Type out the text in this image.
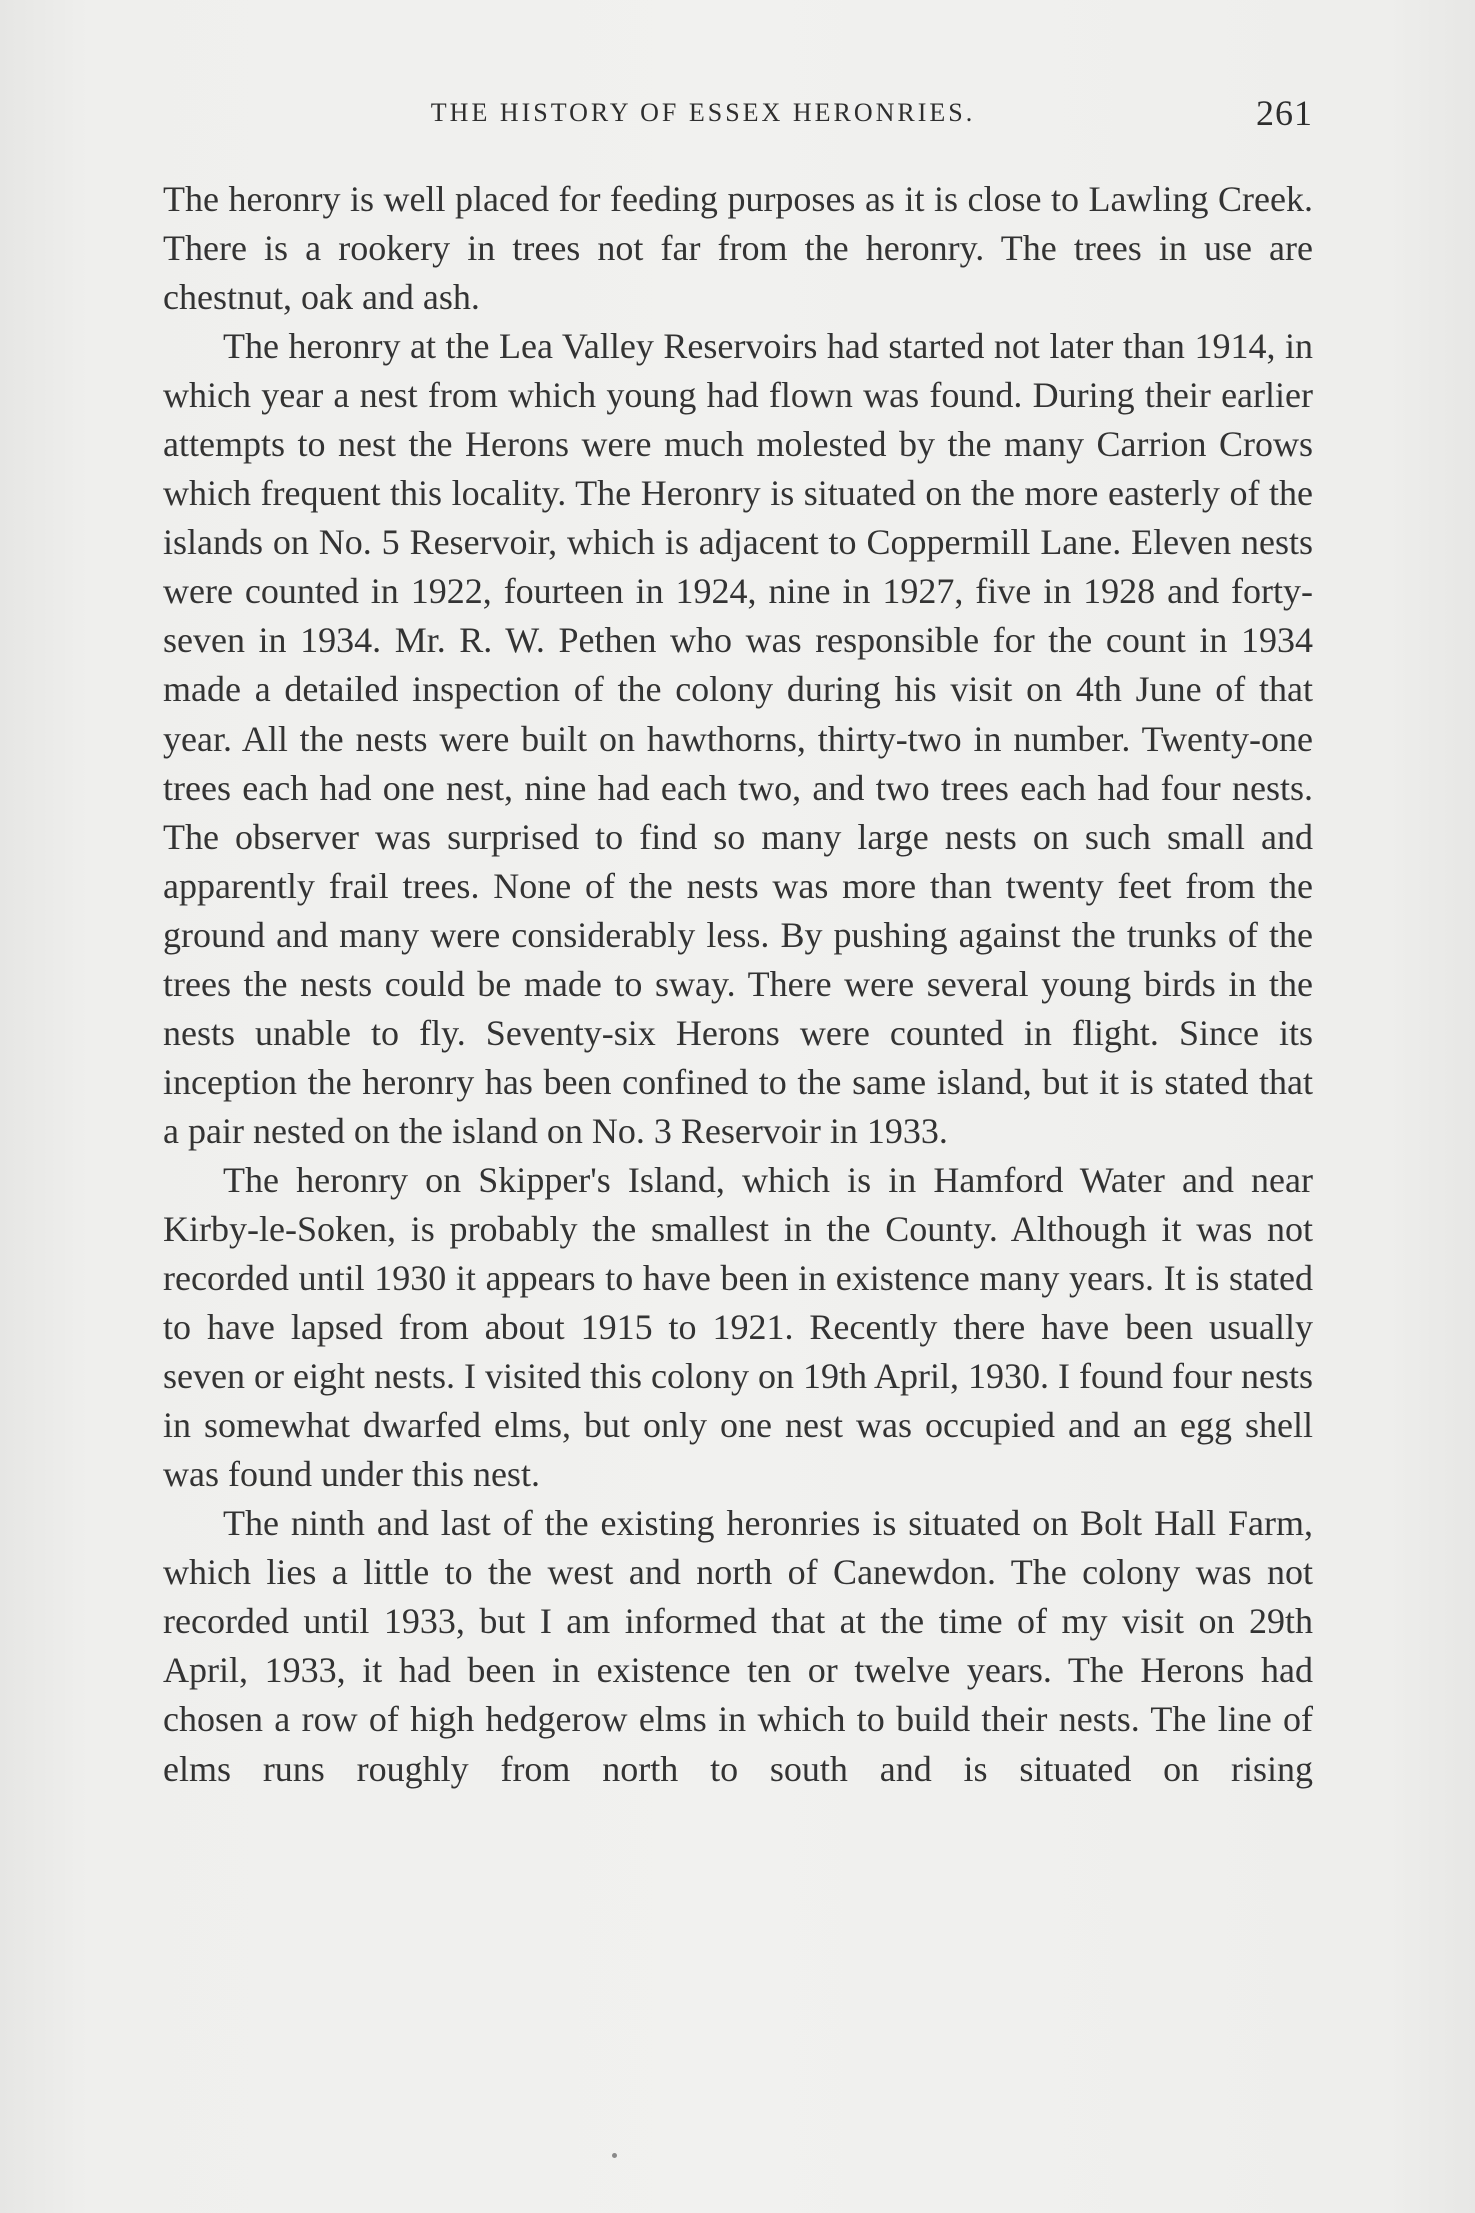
THE HISTORY OF ESSEX HERONRIES.	261

The heronry is well placed for feeding purposes as it is close to Lawling Creek. There is a rookery in trees not far from the heronry. The trees in use are chestnut, oak and ash.

The heronry at the Lea Valley Reservoirs had started not later than 1914, in which year a nest from which young had flown was found. During their earlier attempts to nest the Herons were much molested by the many Carrion Crows which frequent this locality. The Heronry is situated on the more easterly of the islands on No. 5 Reservoir, which is adjacent to Coppermill Lane. Eleven nests were counted in 1922, fourteen in 1924, nine in 1927, five in 1928 and forty-seven in 1934. Mr. R. W. Pethen who was responsible for the count in 1934 made a detailed inspection of the colony during his visit on 4th June of that year. All the nests were built on hawthorns, thirty-two in number. Twenty-one trees each had one nest, nine had each two, and two trees each had four nests. The observer was surprised to find so many large nests on such small and apparently frail trees. None of the nests was more than twenty feet from the ground and many were considerably less. By pushing against the trunks of the trees the nests could be made to sway. There were several young birds in the nests unable to fly. Seventy-six Herons were counted in flight. Since its inception the heronry has been confined to the same island, but it is stated that a pair nested on the island on No. 3 Reservoir in 1933.

The heronry on Skipper's Island, which is in Hamford Water and near Kirby-le-Soken, is probably the smallest in the County. Although it was not recorded until 1930 it appears to have been in existence many years. It is stated to have lapsed from about 1915 to 1921. Recently there have been usually seven or eight nests. I visited this colony on 19th April, 1930. I found four nests in somewhat dwarfed elms, but only one nest was occupied and an egg shell was found under this nest.

The ninth and last of the existing heronries is situated on Bolt Hall Farm, which lies a little to the west and north of Canewdon. The colony was not recorded until 1933, but I am informed that at the time of my visit on 29th April, 1933, it had been in existence ten or twelve years. The Herons had chosen a row of high hedgerow elms in which to build their nests. The line of elms runs roughly from north to south and is situated on rising
